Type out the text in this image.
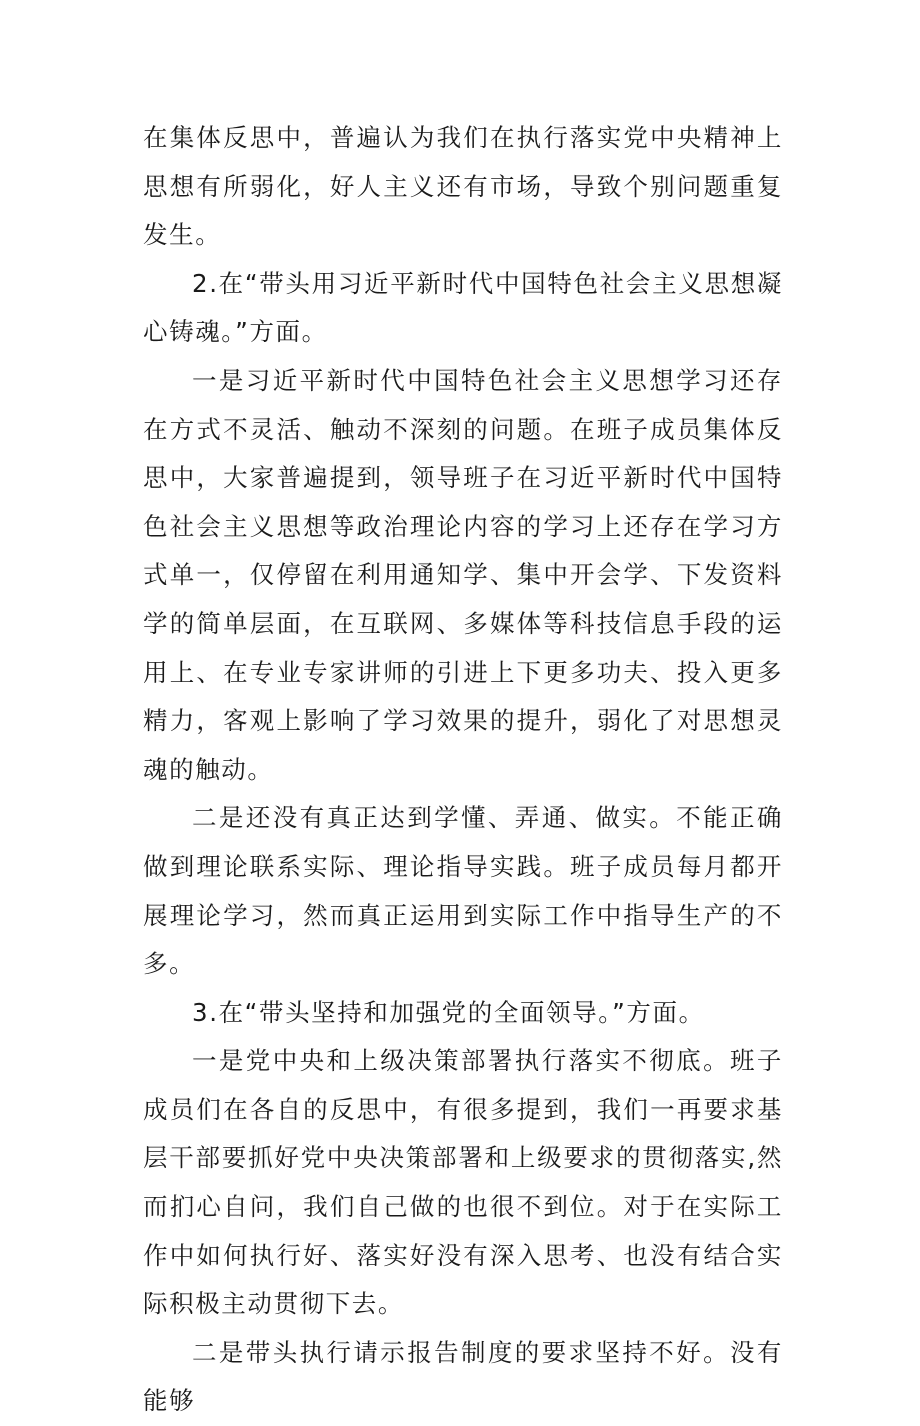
在集体反思中，普遍认为我们在执行落实党中央精神上思想有所弱化，好人主义还有市场，导致个别问题重复发生。

2.在“带头用习近平新时代中国特色社会主义思想凝心铸魂。”方面。

一是习近平新时代中国特色社会主义思想学习还存在方式不灵活、触动不深刻的问题。在班子成员集体反思中，大家普遍提到，领导班子在习近平新时代中国特色社会主义思想等政治理论内容的学习上还存在学习方式单一，仅停留在利用通知学、集中开会学、下发资料学的简单层面，在互联网、多媒体等科技信息手段的运用上、在专业专家讲师的引进上下更多功夫、投入更多精力，客观上影响了学习效果的提升，弱化了对思想灵魂的触动。

二是还没有真正达到学懂、弄通、做实。不能正确做到理论联系实际、理论指导实践。班子成员每月都开展理论学习，然而真正运用到实际工作中指导生产的不多。

3.在“带头坚持和加强党的全面领导。”方面。

一是党中央和上级决策部署执行落实不彻底。班子成员们在各自的反思中，有很多提到，我们一再要求基层干部要抓好党中央决策部署和上级要求的贯彻落实,然而扪心自问，我们自己做的也很不到位。对于在实际工作中如何执行好、落实好没有深入思考、也没有结合实际积极主动贯彻下去。

二是带头执行请示报告制度的要求坚持不好。没有能够
